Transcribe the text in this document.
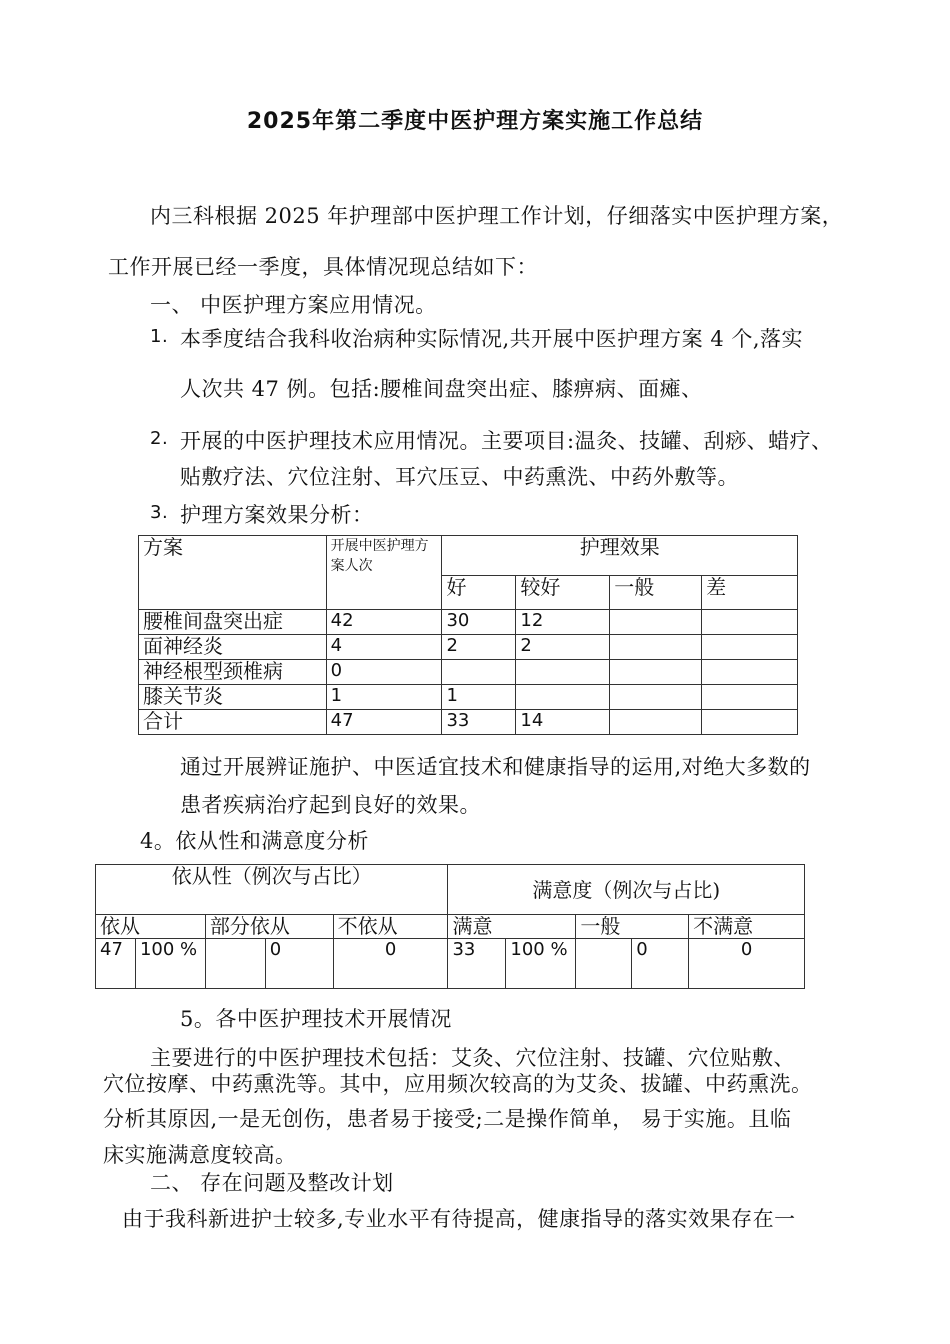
2025年第二季度中医护理方案实施工作总结
内三科根据 2025 年护理部中医护理工作计划，仔细落实中医护理方案，
工作开展已经一季度，具体情况现总结如下：
一、 中医护理方案应用情况。
1. 本季度结合我科收治病种实际情况,共开展中医护理方案 4 个,落实
人次共 47 例。包括:腰椎间盘突出症、膝痹病、面瘫、
2. 开展的中医护理技术应用情况。主要项目:温灸、技罐、刮痧、蜡疗、
贴敷疗法、穴位注射、耳穴压豆、中药熏洗、中药外敷等。
3. 护理方案效果分析：
方案	开展中医护理方案人次	护理效果			
		好	较好	一般	差
腰椎间盘突出症	42	30	12		
面神经炎	4	2	2		
神经根型颈椎病	0				
膝关节炎	1	1			
合计	47	33	14		
通过开展辨证施护、中医适宜技术和健康指导的运用,对绝大多数的
患者疾病治疗起到良好的效果。
4。依从性和满意度分析
依从性（例次与占比）					满意度（例次与占比)				
依从		部分依从		不依从	满意		一般		不满意
47	100 %		0	0	33	100 %		0	0
5。各中医护理技术开展情况
主要进行的中医护理技术包括：艾灸、穴位注射、技罐、穴位贴敷、
穴位按摩、中药熏洗等。其中，应用频次较高的为艾灸、拔罐、中药熏洗。
分析其原因,一是无创伤，患者易于接受;二是操作简单， 易于实施。且临
床实施满意度较高。
二、 存在问题及整改计划
由于我科新进护士较多,专业水平有待提高，健康指导的落实效果存在一
